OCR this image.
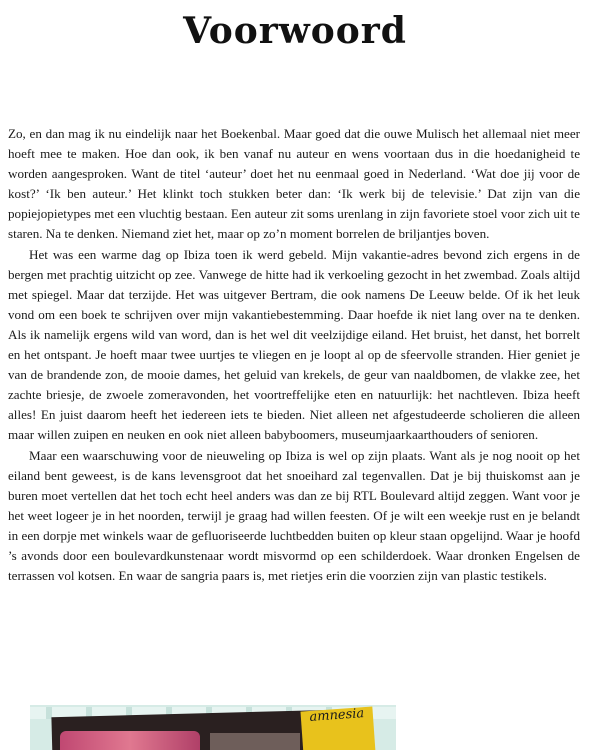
Voorwoord

Zo, en dan mag ik nu eindelijk naar het Boekenbal. Maar goed dat die ouwe Mulisch het allemaal niet meer hoeft mee te maken. Hoe dan ook, ik ben vanaf nu auteur en wens voortaan dus in die hoedanigheid te worden aangesproken. Want de titel ‘auteur’ doet het nu eenmaal goed in Nederland. ‘Wat doe jij voor de kost?’ ‘Ik ben auteur.’ Het klinkt toch stukken beter dan: ‘Ik werk bij de televisie.’ Dat zijn van die popiejopietypes met een vluchtig bestaan. Een auteur zit soms urenlang in zijn favoriete stoel voor zich uit te staren. Na te denken. Niemand ziet het, maar op zo’n moment borrelen de briljantjes boven.

Het was een warme dag op Ibiza toen ik werd gebeld. Mijn vakantie-adres bevond zich ergens in de bergen met prachtig uitzicht op zee. Vanwege de hitte had ik verkoeling gezocht in het zwembad. Zoals altijd met spiegel. Maar dat terzijde. Het was uitgever Bertram, die ook namens De Leeuw belde. Of ik het leuk vond om een boek te schrijven over mijn vakantiebestemming. Daar hoefde ik niet lang over na te denken. Als ik namelijk ergens wild van word, dan is het wel dit veelzijdige eiland. Het bruist, het danst, het borrelt en het ontspant. Je hoeft maar twee uurtjes te vliegen en je loopt al op de sfeervolle stranden. Hier geniet je van de brandende zon, de mooie dames, het geluid van krekels, de geur van naaldbomen, de vlakke zee, het zachte briesje, de zwoele zomeravonden, het voortreffelijke eten en natuurlijk: het nachtleven. Ibiza heeft alles! En juist daarom heeft het iedereen iets te bieden. Niet alleen net afgestudeerde scholieren die alleen maar willen zuipen en neuken en ook niet alleen babyboomers, museumjaarkaarthouders of senioren.

Maar een waarschuwing voor de nieuweling op Ibiza is wel op zijn plaats. Want als je nog nooit op het eiland bent geweest, is de kans levensgroot dat het snoeihard zal tegenvallen. Dat je bij thuiskomst aan je buren moet vertellen dat het toch echt heel anders was dan ze bij RTL Boulevard altijd zeggen. Want voor je het weet logeer je in het noorden, terwijl je graag had willen feesten. Of je wilt een weekje rust en je belandt in een dorpje met winkels waar de gefluoriseerde luchtbedden buiten op kleur staan opgelijnd. Waar je hoofd ’s avonds door een boulevardkunstenaar wordt misvormd op een schilderdoek. Waar dronken Engelsen de terrassen vol kotsen. En waar de sangria paars is, met rietjes erin die voorzien zijn van plastic testikels.

amnesia
